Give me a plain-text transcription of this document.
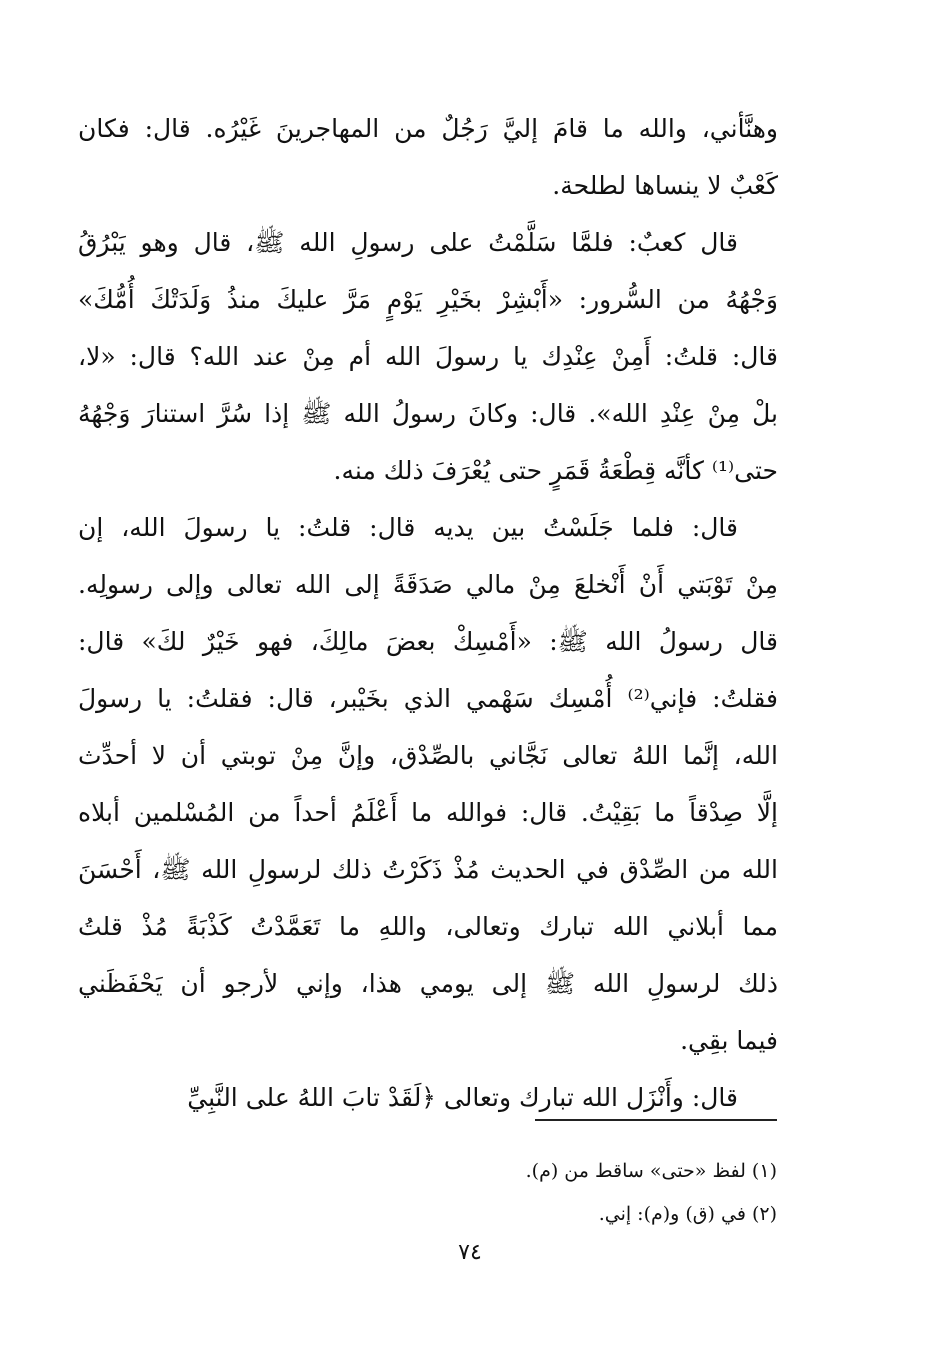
وهنَّأني، والله ما قامَ إليَّ رَجُلٌ من المهاجرينَ غَيْرُه. قال: فكان
كَعْبٌ لا ينساها لطلحة.
قال كعبٌ: فلمَّا سَلَّمْتُ على رسولِ الله ﷺ، قال وهو يَبْرُقُ
وَجْهُهُ من السُّرور: «أَبْشِرْ بخَيْرِ يَوْمٍ مَرَّ عليكَ منذُ وَلَدَتْكَ أُمُّكَ»
قال: قلتُ: أَمِنْ عِنْدِك يا رسولَ الله أم مِنْ عند الله؟ قال: «لا،
بلْ مِنْ عِنْدِ الله». قال: وكانَ رسولُ الله ﷺ إذا سُرَّ استنارَ وَجْهُهُ
حتى⁽¹⁾ كأنَّه قِطْعَةُ قَمَرٍ حتى يُعْرَفَ ذلك منه.
قال: فلما جَلَسْتُ بين يديه قال: قلتُ: يا رسولَ الله، إن
مِنْ تَوْبَتي أَنْ أَنْخلعَ مِنْ مالي صَدَقَةً إلى الله تعالى وإلى رسولِه.
قال رسولُ الله ﷺ: «أَمْسِكْ بعضَ مالِكَ، فهو خَيْرٌ لكَ» قال:
فقلتُ: فإني⁽²⁾ أُمْسِك سَهْمي الذي بخَيْبر، قال: فقلتُ: يا رسولَ
الله، إنَّما اللهُ تعالى نَجَّاني بالصِّدْق، وإنَّ مِنْ توبتي أن لا أحدِّث
إلَّا صِدْقاً ما بَقِيْتُ. قال: فوالله ما أَعْلَمُ أحداً من المُسْلمين أبلاه
الله من الصِّدْق في الحديث مُذْ ذَكَرْتُ ذلك لرسولِ الله ﷺ، أَحْسَنَ
مما أبلاني الله تبارك وتعالى، واللهِ ما تَعَمَّدْتُ كَذْبَةً مُذْ قلتُ
ذلك لرسولِ الله ﷺ إلى يومي هذا، وإني لأرجو أن يَحْفَظَني
فيما بقِي.
قال: وأَنْزَل الله تبارك وتعالى ﴿لَقَدْ تابَ اللهُ على النَّبِيِّ
(١) لفظ «حتى» ساقط من (م).
(٢) في (ق) و(م): إني.
٧٤
